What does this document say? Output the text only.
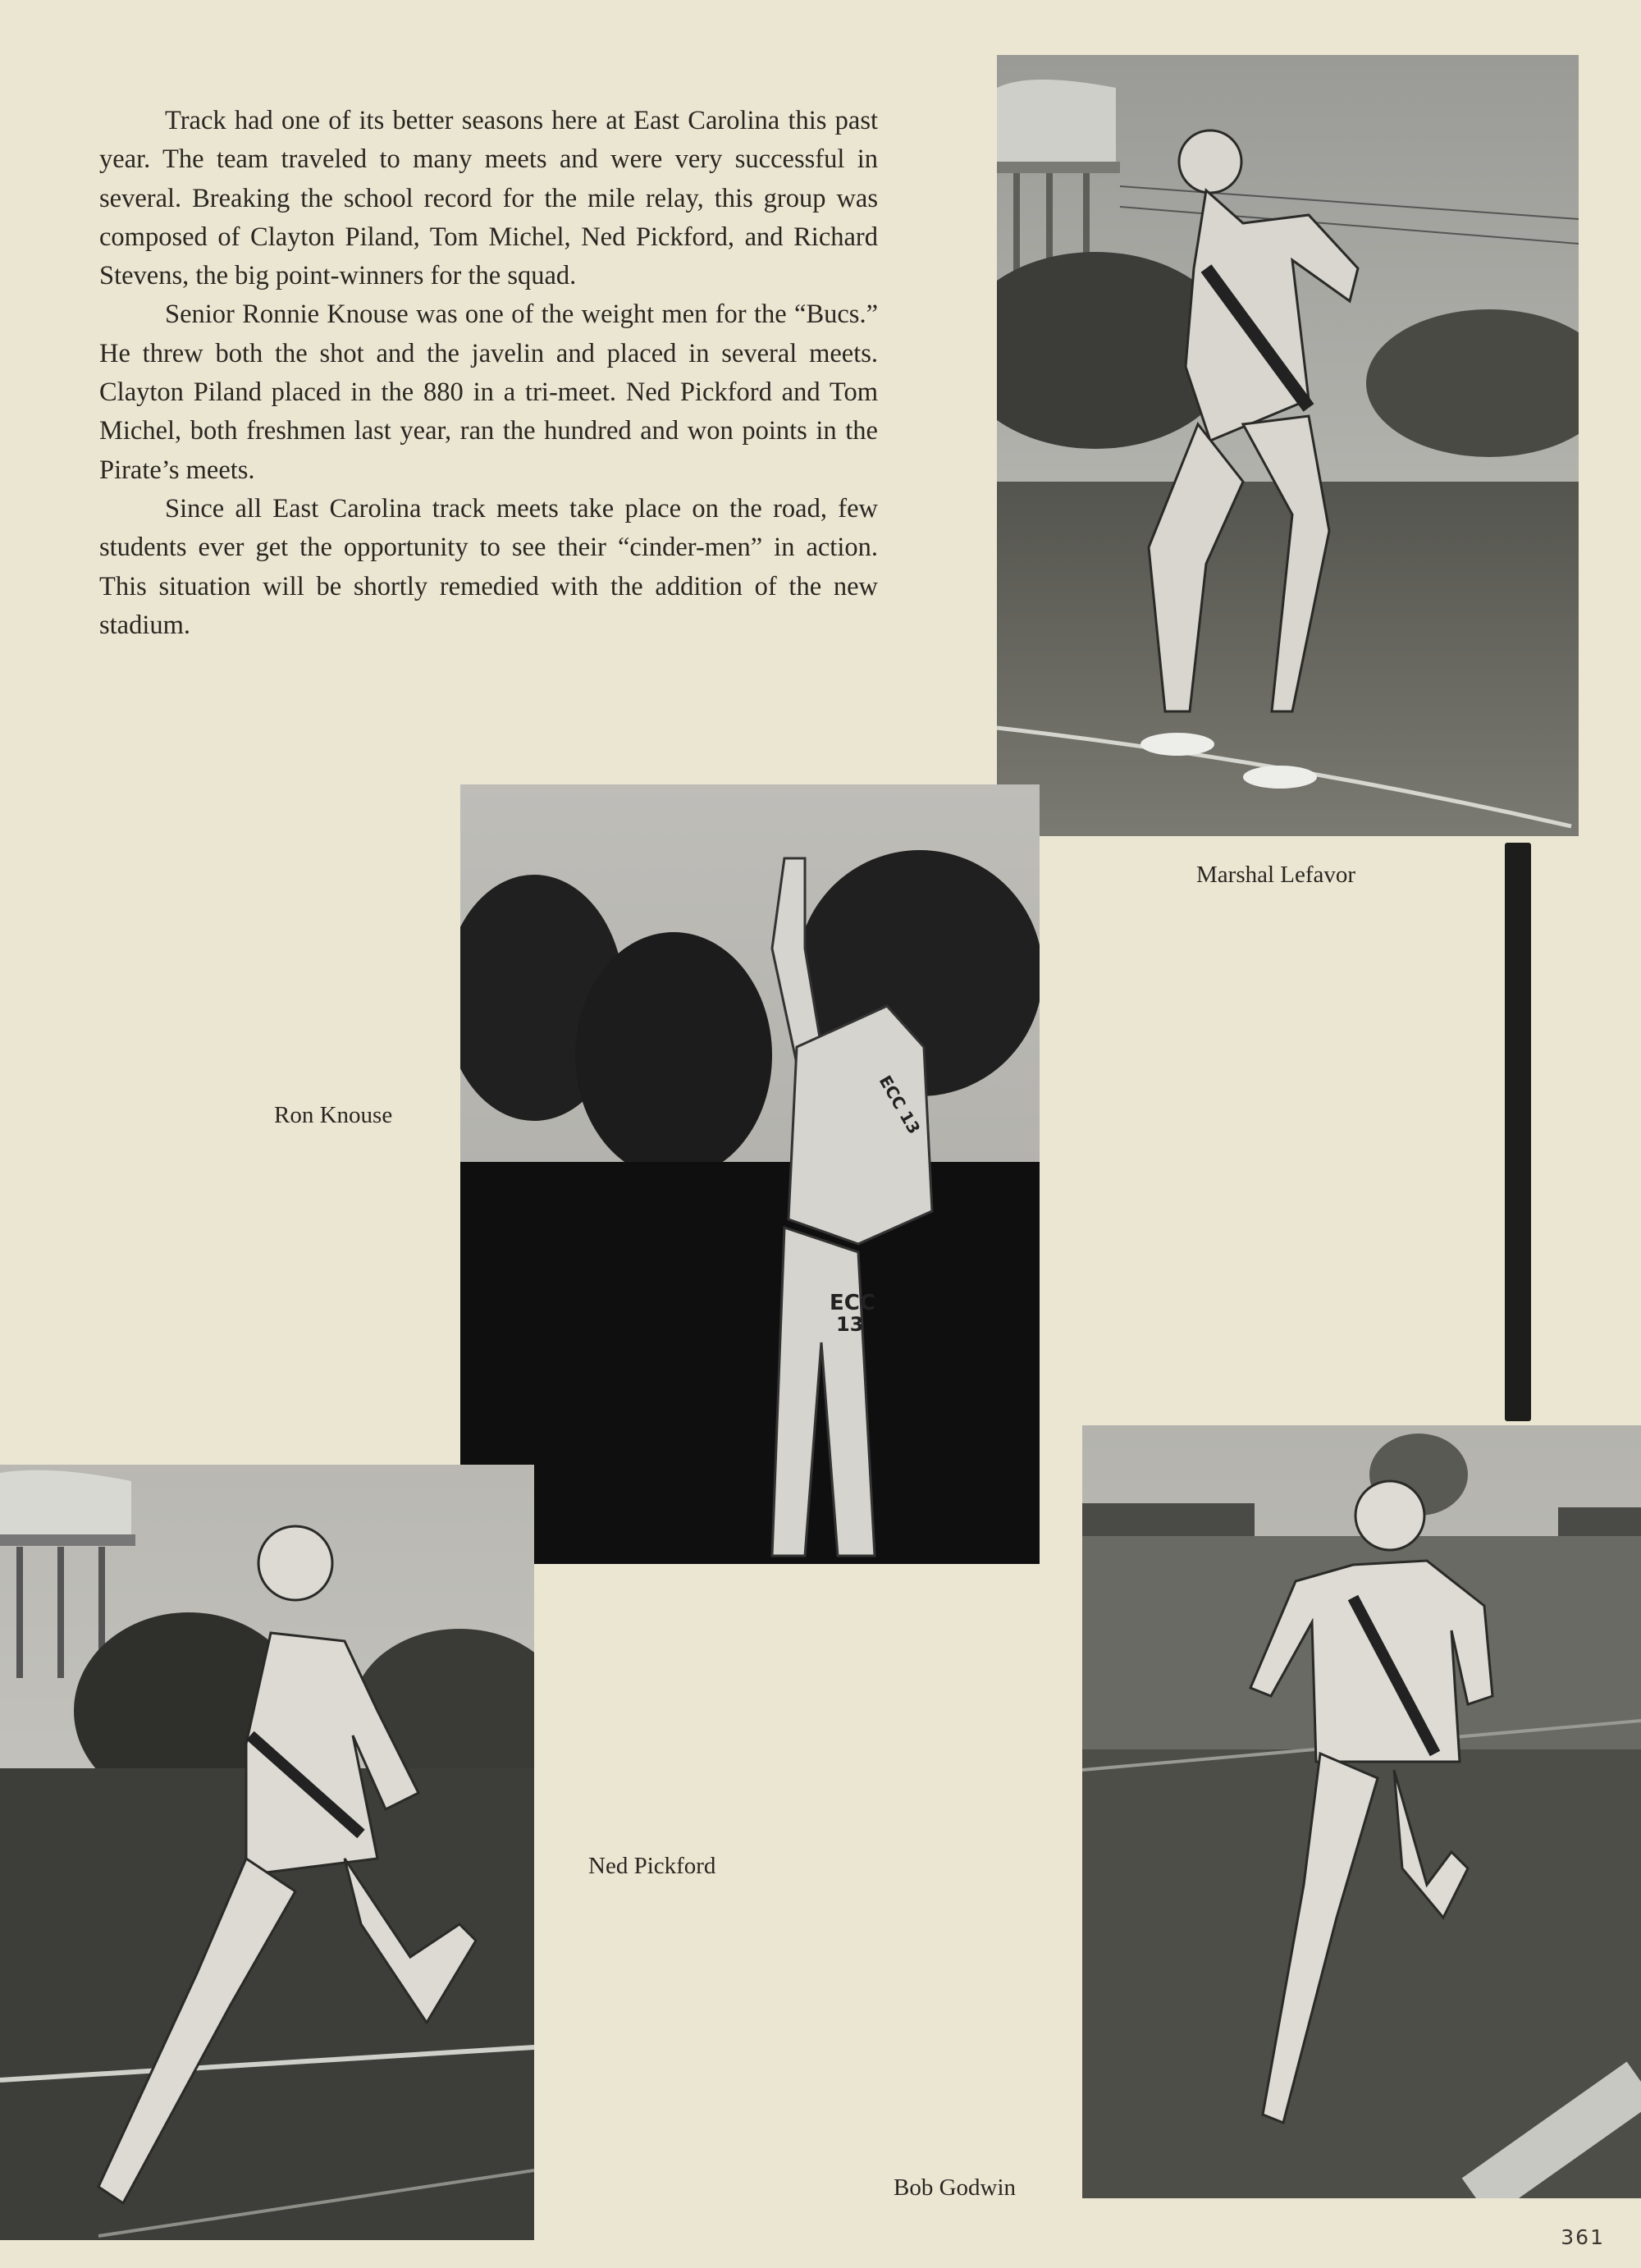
Track had one of its better seasons here at East Carolina this past year. The team traveled to many meets and were very successful in several. Breaking the school record for the mile relay, this group was composed of Clayton Piland, Tom Michel, Ned Pickford, and Richard Stevens, the big point-winners for the squad.

Senior Ronnie Knouse was one of the weight men for the “Bucs.” He threw both the shot and the javelin and placed in several meets. Clayton Piland placed in the 880 in a tri-meet. Ned Pickford and Tom Michel, both freshmen last year, ran the hundred and won points in the Pirate’s meets.

Since all East Carolina track meets take place on the road, few students ever get the opportunity to see their “cinder-men” in action. This situation will be shortly remedied with the addition of the new stadium.

ECC
13
ECC 13
Marshal Lefavor
Ron Knouse
Ned Pickford
Bob Godwin
361
